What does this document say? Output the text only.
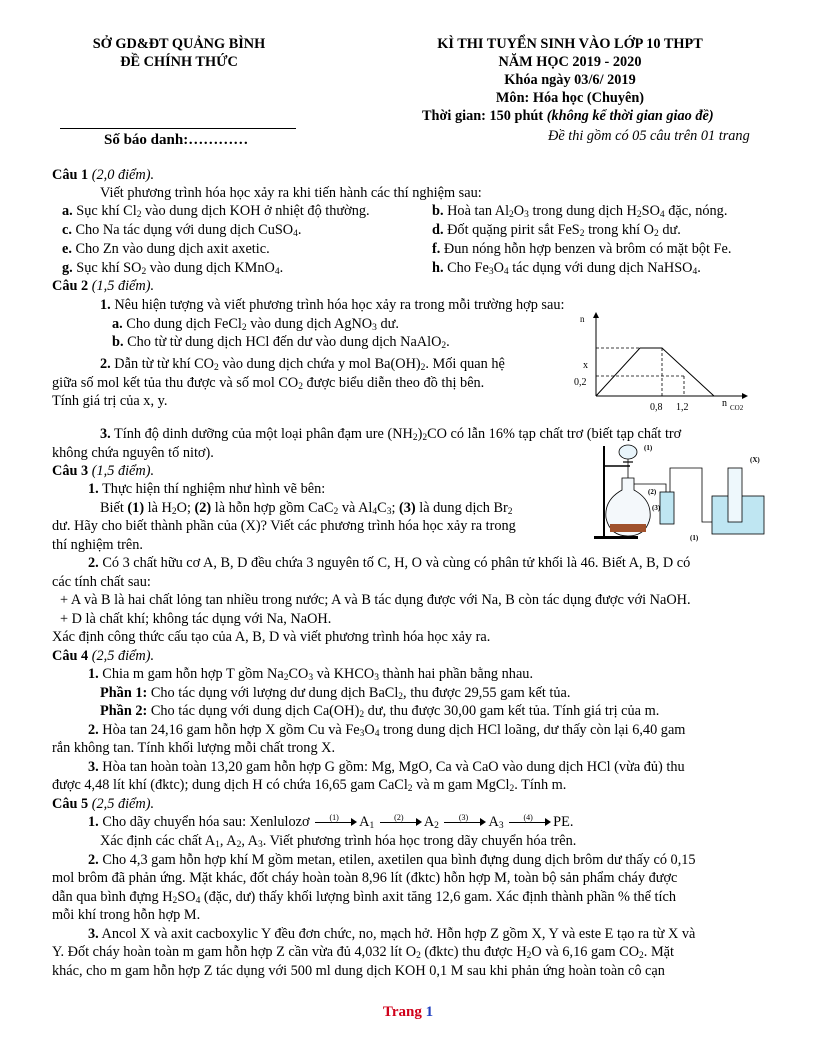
SỞ GD&ĐT QUẢNG BÌNH
ĐỀ CHÍNH THỨC
KÌ THI TUYỂN SINH VÀO LỚP 10 THPT
NĂM HỌC 2019 - 2020
Khóa ngày 03/6/ 2019
Môn: Hóa học (Chuyên)
Thời gian: 150 phút (không kể thời gian giao đề)
Số báo danh:…………	Đề thi gồm có 05 câu trên 01 trang
Câu 1 (2,0 điểm).
Viết phương trình hóa học xảy ra khi tiến hành các thí nghiệm sau:
a. Sục khí $Cl_2$ vào dung dịch KOH ở nhiệt độ thường.	b. Hoà $\tan Al_2O_3$ trong dung dịch $H_2SO_4$ đặc, nóng.
c. Cho Na tác dụng với dung dịch CuSO$_4$.	d. Đốt quặng pirit sắt FeS$_2$ trong khí $O_2$ dư.
e. Cho Zn vào dung dịch axit axetic.	f. Đun nóng hỗn hợp benzen và brôm có mặt bột Fe.
g. Sục khí $SO_2$ vào dung dịch KMnO$_4$.	h. Cho $Fe_3O_4$ tác dụng với dung dịch NaHSO$_4$.
Câu 2 (1,5 điểm).
1. Nêu hiện tượng và viết phương trình hóa học xảy ra trong mỗi trường hợp sau:
a. Cho dung dịch FeCl$_2$ vào dung dịch AgNO$_3$ dư.
b. Cho từ từ dung dịch HCl đến dư vào dung dịch NaAlO$_2$.
2. Dẫn từ từ khí $CO_2$ vào dung dịch chứa y mol $Ba(OH)_2$. Mối quan hệ
giữa số mol kết tủa thu được và số mol $CO_2$ được biểu diễn theo đồ thị bên.
Tính giá trị của x, y.
n
x
0,2
0,8 1,2	n CO2
3. Tính độ dinh dưỡng của một loại phân đạm ure $(NH_2)_2CO$ có lẫn 16% tạp chất trơ (biết tạp chất trơ
không chứa nguyên tố nitơ).
Câu 3 (1,5 điểm).
1. Thực hiện thí nghiệm như hình vẽ bên:
Biết (1) là $H_2O$; (2) là hỗn hợp gồm CaC$_2$ và $Al_4C_3$; (3) là dung dịch $Br_2$
dư. Hãy cho biết thành phần của (X)? Viết các phương trình hóa học xảy ra trong
thí nghiệm trên.
(1)
(2)
(3)
(X)
(1)
2. Có 3 chất hữu cơ A, B, D đều chứa 3 nguyên tố C, H, O và cùng có phân tử khối là 46. Biết A, B, D có
các tính chất sau:
+ A và B là hai chất lỏng tan nhiều trong nước; A và B tác dụng được với Na, B còn tác dụng được với NaOH.
+ D là chất khí; không tác dụng với Na, NaOH.
Xác định công thức cấu tạo của A, B, D và viết phương trình hóa học xảy ra.
Câu 4 (2,5 điểm).
1. Chia m gam hỗn hợp T gồm $Na_2CO_3$ và $KHCO_3$ thành hai phần bằng nhau.
Phần 1: Cho tác dụng với lượng dư dung dịch BaCl$_2$, thu được 29,55 gam kết tủa.
Phần 2: Cho tác dụng với dung dịch $Ca(OH)_2$ dư, thu được 30,00 gam kết tủa. Tính giá trị của m.
2. Hòa tan 24,16 gam hỗn hợp X gồm Cu và $Fe_3O_4$ trong dung dịch HCl loãng, dư thấy còn lại 6,40 gam
rắn không tan. Tính khối lượng mỗi chất trong X.
3. Hòa tan hoàn toàn 13,20 gam hỗn hợp G gồm: Mg, MgO, Ca và CaO vào dung dịch HCl (vừa đủ) thu
được 4,48 lít khí (đktc); dung dịch H có chứa 16,65 gam CaCl$_2$ và m gam MgCl$_2$. Tính m.
Câu 5 (2,5 điểm).
1. Cho dãy chuyển hóa sau: Xenlulozơ	(1)	$A_1$
(2)	$A_2$
(3)	$A_3$
(4)	PE.
Xác định các chất $A_1$, $A_2$, $A_3$. Viết phương trình hóa học trong dãy chuyển hóa trên.
2. Cho 4,3 gam hỗn hợp khí M gồm metan, etilen, axetilen qua bình đựng dung dịch brôm dư thấy có 0,15
mol brôm đã phản ứng. Mặt khác, đốt cháy hoàn toàn 8,96 lít (đktc) hỗn hợp M, toàn bộ sản phẩm cháy được
dẫn qua bình đựng $H_2SO_4$ (đặc, dư) thấy khối lượng bình axit tăng 12,6 gam. Xác định thành phần % thể tích
mỗi khí trong hỗn hợp M.
3. Ancol X và axit cacboxylic Y đều đơn chức, no, mạch hở. Hỗn hợp Z gồm X, Y và este E tạo ra từ X và
Y. Đốt cháy hoàn toàn m gam hỗn hợp Z cần vừa đủ 4,032 lít $O_2$ (đktc) thu được $H_2O$ và 6,16 gam $CO_2$. Mặt
khác, cho m gam hỗn hợp Z tác dụng với 500 ml dung dịch KOH 0,1 M sau khi phản ứng hoàn toàn cô cạn
Trang 1
